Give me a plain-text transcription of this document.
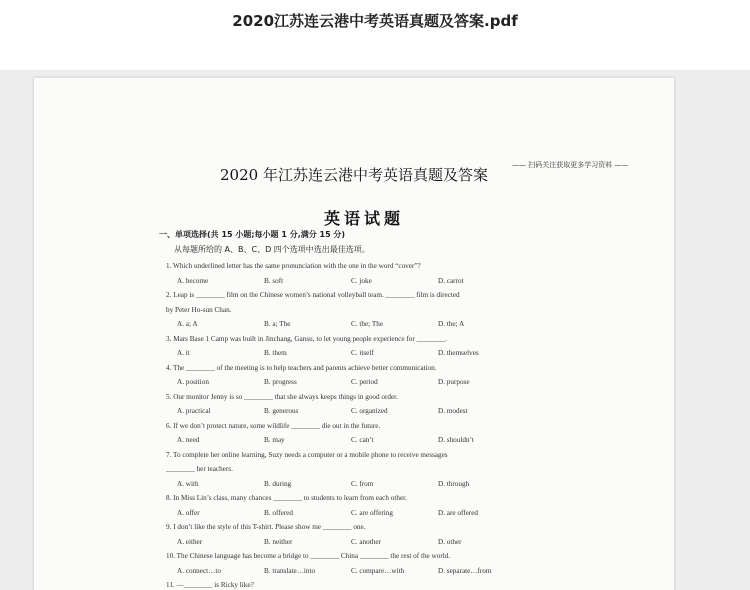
2020江苏连云港中考英语真题及答案.pdf
—— 扫码关注获取更多学习资料 ——
2020 年江苏连云港中考英语真题及答案
英语试题
一、单项选择(共 15 小题;每小题 1 分,满分 15 分)
从每题所给的 A、B、C、D 四个选项中选出最佳选项。
1. Which underlined letter has the same pronunciation with the one in the word “cover”?
A. become	B. soft	C. joke	D. carrot
2. Leap is ________ film on the Chinese women’s national volleyball team. ________ film is directed
by Peter Ho-sun Chan.
A. a; A	B. a; The	C. the; The	D. the; A
3. Mars Base 1 Camp was built in Jinchang, Gansu, to let young people experience for ________.
A. it	B. them	C. itself	D. themselves
4. The ________ of the meeting is to help teachers and parents achieve better communication.
A. position	B. progress	C. period	D. purpose
5. Our monitor Jenny is so ________ that she always keeps things in good order.
A. practical	B. generous	C. organized	D. modest
6. If we don’t protect nature, some wildlife ________ die out in the future.
A. need	B. may	C. can’t	D. shouldn’t
7. To complete her online learning, Suzy needs a computer or a mobile phone to receive messages
________ her teachers.
A. with	B. during	C. from	D. through
8. In Miss Lin’s class, many chances ________ to students to learn from each other.
A. offer	B. offered	C. are offering	D. are offered
9. I don’t like the style of this T-shirt. Please show me ________ one.
A. either	B. neither	C. another	D. other
10. The Chinese language has become a bridge to ________ China ________ the rest of the world.
A. connect…to	B. translate…into	C. compare…with	D. separate…from
11. —________ is Ricky like?
